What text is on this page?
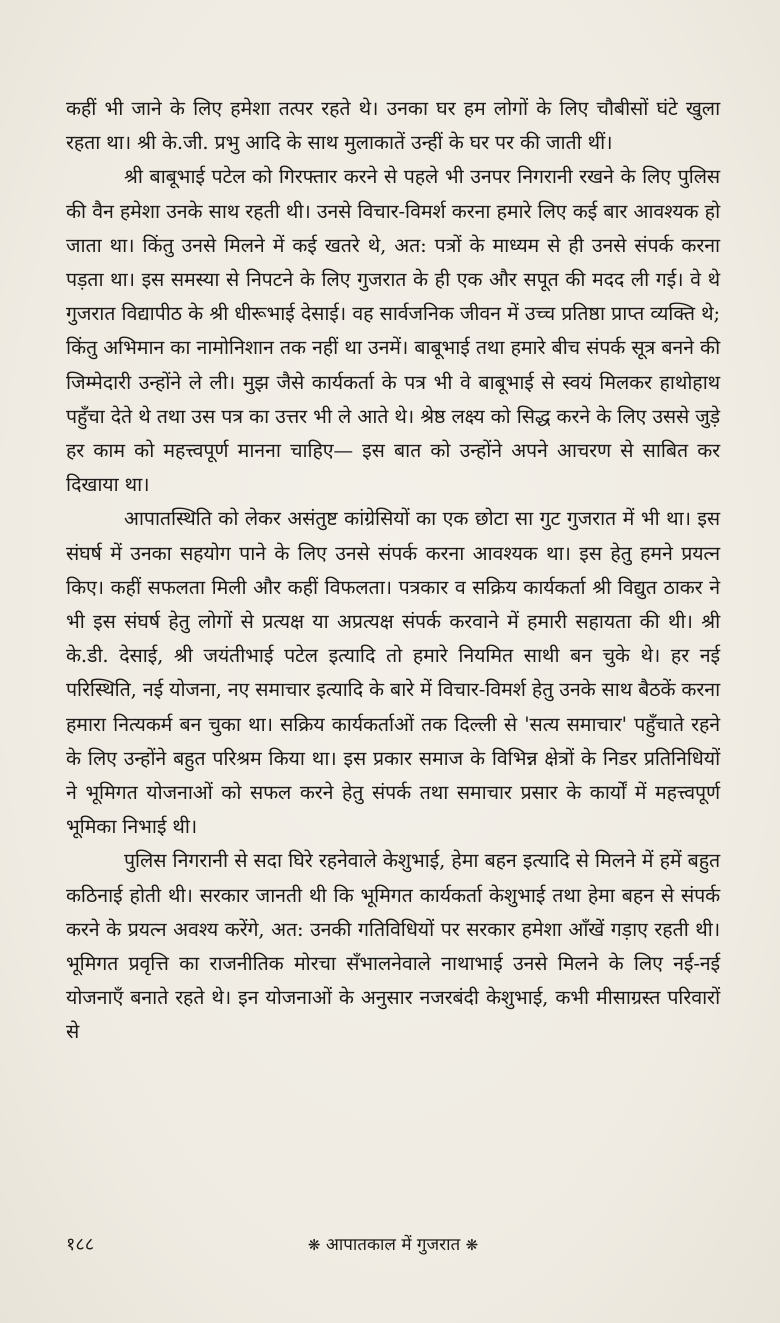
कहीं भी जाने के लिए हमेशा तत्पर रहते थे। उनका घर हम लोगों के लिए चौबीसों घंटे खुला रहता था। श्री के.जी. प्रभु आदि के साथ मुलाकातें उन्हीं के घर पर की जाती थीं।

श्री बाबूभाई पटेल को गिरफ्तार करने से पहले भी उनपर निगरानी रखने के लिए पुलिस की वैन हमेशा उनके साथ रहती थी। उनसे विचार-विमर्श करना हमारे लिए कई बार आवश्यक हो जाता था। किंतु उनसे मिलने में कई खतरे थे, अत: पत्रों के माध्यम से ही उनसे संपर्क करना पड़ता था। इस समस्या से निपटने के लिए गुजरात के ही एक और सपूत की मदद ली गई। वे थे गुजरात विद्यापीठ के श्री धीरूभाई देसाई। वह सार्वजनिक जीवन में उच्च प्रतिष्ठा प्राप्त व्यक्ति थे; किंतु अभिमान का नामोनिशान तक नहीं था उनमें। बाबूभाई तथा हमारे बीच संपर्क सूत्र बनने की जिम्मेदारी उन्होंने ले ली। मुझ जैसे कार्यकर्ता के पत्र भी वे बाबूभाई से स्वयं मिलकर हाथोहाथ पहुँचा देते थे तथा उस पत्र का उत्तर भी ले आते थे। श्रेष्ठ लक्ष्य को सिद्ध करने के लिए उससे जुड़े हर काम को महत्त्वपूर्ण मानना चाहिए— इस बात को उन्होंने अपने आचरण से साबित कर दिखाया था।

आपातस्थिति को लेकर असंतुष्ट कांग्रेसियों का एक छोटा सा गुट गुजरात में भी था। इस संघर्ष में उनका सहयोग पाने के लिए उनसे संपर्क करना आवश्यक था। इस हेतु हमने प्रयत्न किए। कहीं सफलता मिली और कहीं विफलता। पत्रकार व सक्रिय कार्यकर्ता श्री विद्युत ठाकर ने भी इस संघर्ष हेतु लोगों से प्रत्यक्ष या अप्रत्यक्ष संपर्क करवाने में हमारी सहायता की थी। श्री के.डी. देसाई, श्री जयंतीभाई पटेल इत्यादि तो हमारे नियमित साथी बन चुके थे। हर नई परिस्थिति, नई योजना, नए समाचार इत्यादि के बारे में विचार-विमर्श हेतु उनके साथ बैठकें करना हमारा नित्यकर्म बन चुका था। सक्रिय कार्यकर्ताओं तक दिल्ली से 'सत्य समाचार' पहुँचाते रहने के लिए उन्होंने बहुत परिश्रम किया था। इस प्रकार समाज के विभिन्न क्षेत्रों के निडर प्रतिनिधियों ने भूमिगत योजनाओं को सफल करने हेतु संपर्क तथा समाचार प्रसार के कार्यों में महत्त्वपूर्ण भूमिका निभाई थी।

पुलिस निगरानी से सदा घिरे रहनेवाले केशुभाई, हेमा बहन इत्यादि से मिलने में हमें बहुत कठिनाई होती थी। सरकार जानती थी कि भूमिगत कार्यकर्ता केशुभाई तथा हेमा बहन से संपर्क करने के प्रयत्न अवश्य करेंगे, अत: उनकी गतिविधियों पर सरकार हमेशा आँखें गड़ाए रहती थी। भूमिगत प्रवृत्ति का राजनीतिक मोरचा सँभालनेवाले नाथाभाई उनसे मिलने के लिए नई-नई योजनाएँ बनाते रहते थे। इन योजनाओं के अनुसार नजरबंदी केशुभाई, कभी मीसाग्रस्त परिवारों से

१८८	❋ आपातकाल में गुजरात ❋
